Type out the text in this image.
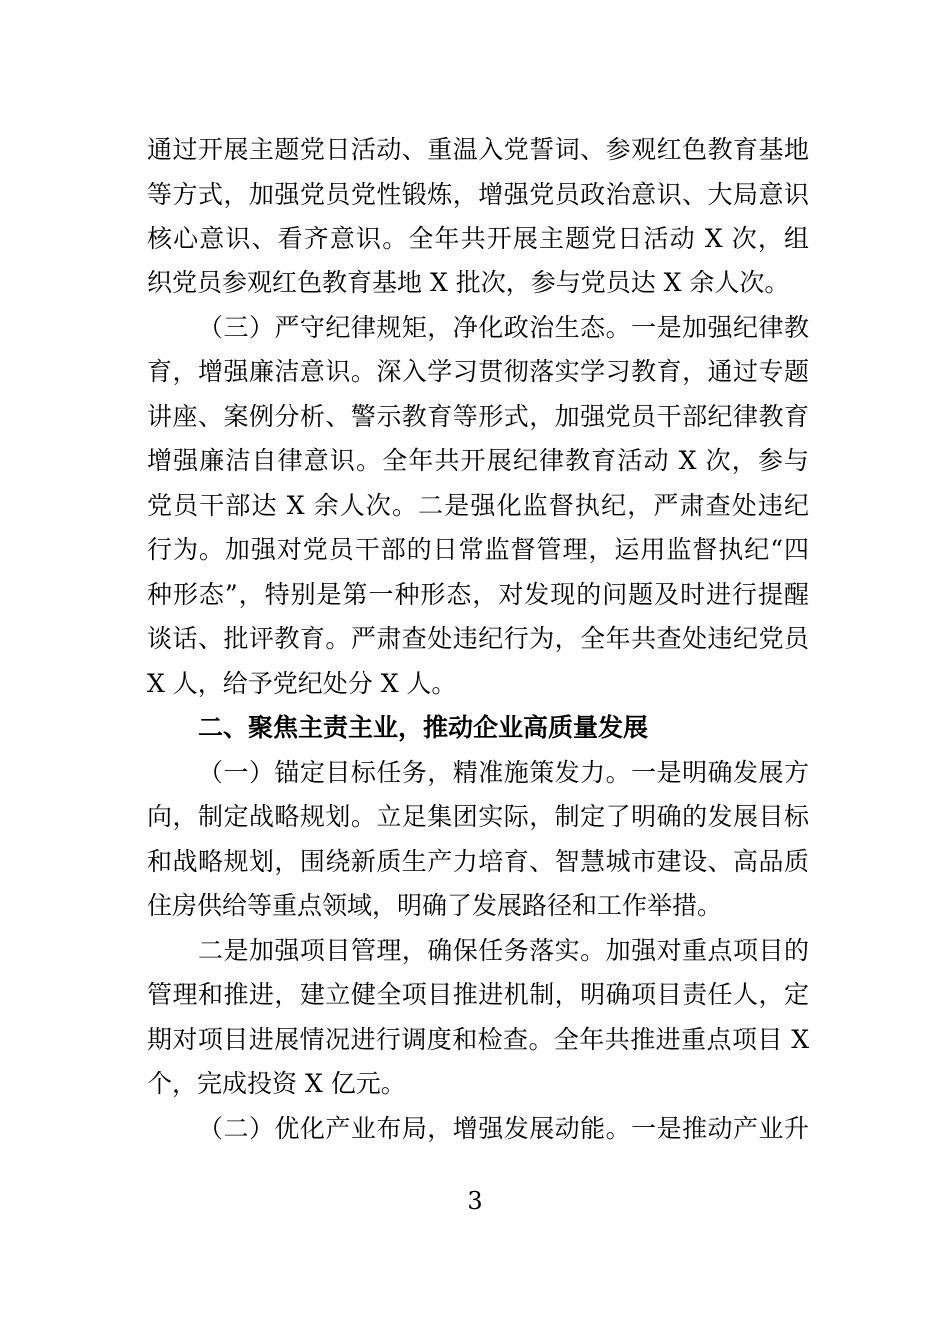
通过开展主题党日活动、重温入党誓词、参观红色教育基地
等方式，加强党员党性锻炼，增强党员政治意识、大局意识
核心意识、看齐意识。全年共开展主题党日活动 X 次，组
织党员参观红色教育基地 X 批次，参与党员达 X 余人次。
（三）严守纪律规矩，净化政治生态。一是加强纪律教
育，增强廉洁意识。深入学习贯彻落实学习教育，通过专题
讲座、案例分析、警示教育等形式，加强党员干部纪律教育
增强廉洁自律意识。全年共开展纪律教育活动 X 次，参与
党员干部达 X 余人次。二是强化监督执纪，严肃查处违纪
行为。加强对党员干部的日常监督管理，运用监督执纪“四
种形态”，特别是第一种形态，对发现的问题及时进行提醒
谈话、批评教育。严肃查处违纪行为，全年共查处违纪党员
X 人，给予党纪处分 X 人。
二、聚焦主责主业，推动企业高质量发展
（一）锚定目标任务，精准施策发力。一是明确发展方
向，制定战略规划。立足集团实际，制定了明确的发展目标
和战略规划，围绕新质生产力培育、智慧城市建设、高品质
住房供给等重点领域，明确了发展路径和工作举措。
二是加强项目管理，确保任务落实。加强对重点项目的
管理和推进，建立健全项目推进机制，明确项目责任人，定
期对项目进展情况进行调度和检查。全年共推进重点项目 X
个，完成投资 X 亿元。
（二）优化产业布局，增强发展动能。一是推动产业升
3
